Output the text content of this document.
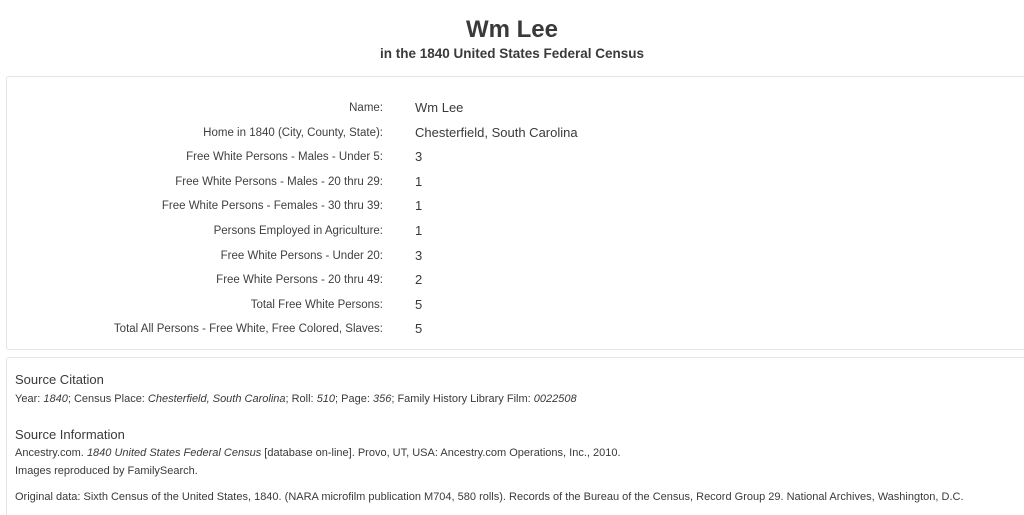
Wm Lee
in the 1840 United States Federal Census
Name: Wm Lee
Home in 1840 (City, County, State): Chesterfield, South Carolina
Free White Persons - Males - Under 5: 3
Free White Persons - Males - 20 thru 29: 1
Free White Persons - Females - 30 thru 39: 1
Persons Employed in Agriculture: 1
Free White Persons - Under 20: 3
Free White Persons - 20 thru 49: 2
Total Free White Persons: 5
Total All Persons - Free White, Free Colored, Slaves: 5
Source Citation
Year: 1840; Census Place: Chesterfield, South Carolina; Roll: 510; Page: 356; Family History Library Film: 0022508
Source Information
Ancestry.com. 1840 United States Federal Census [database on-line]. Provo, UT, USA: Ancestry.com Operations, Inc., 2010.
Images reproduced by FamilySearch.
Original data: Sixth Census of the United States, 1840. (NARA microfilm publication M704, 580 rolls). Records of the Bureau of the Census, Record Group 29. National Archives, Washington, D.C.
